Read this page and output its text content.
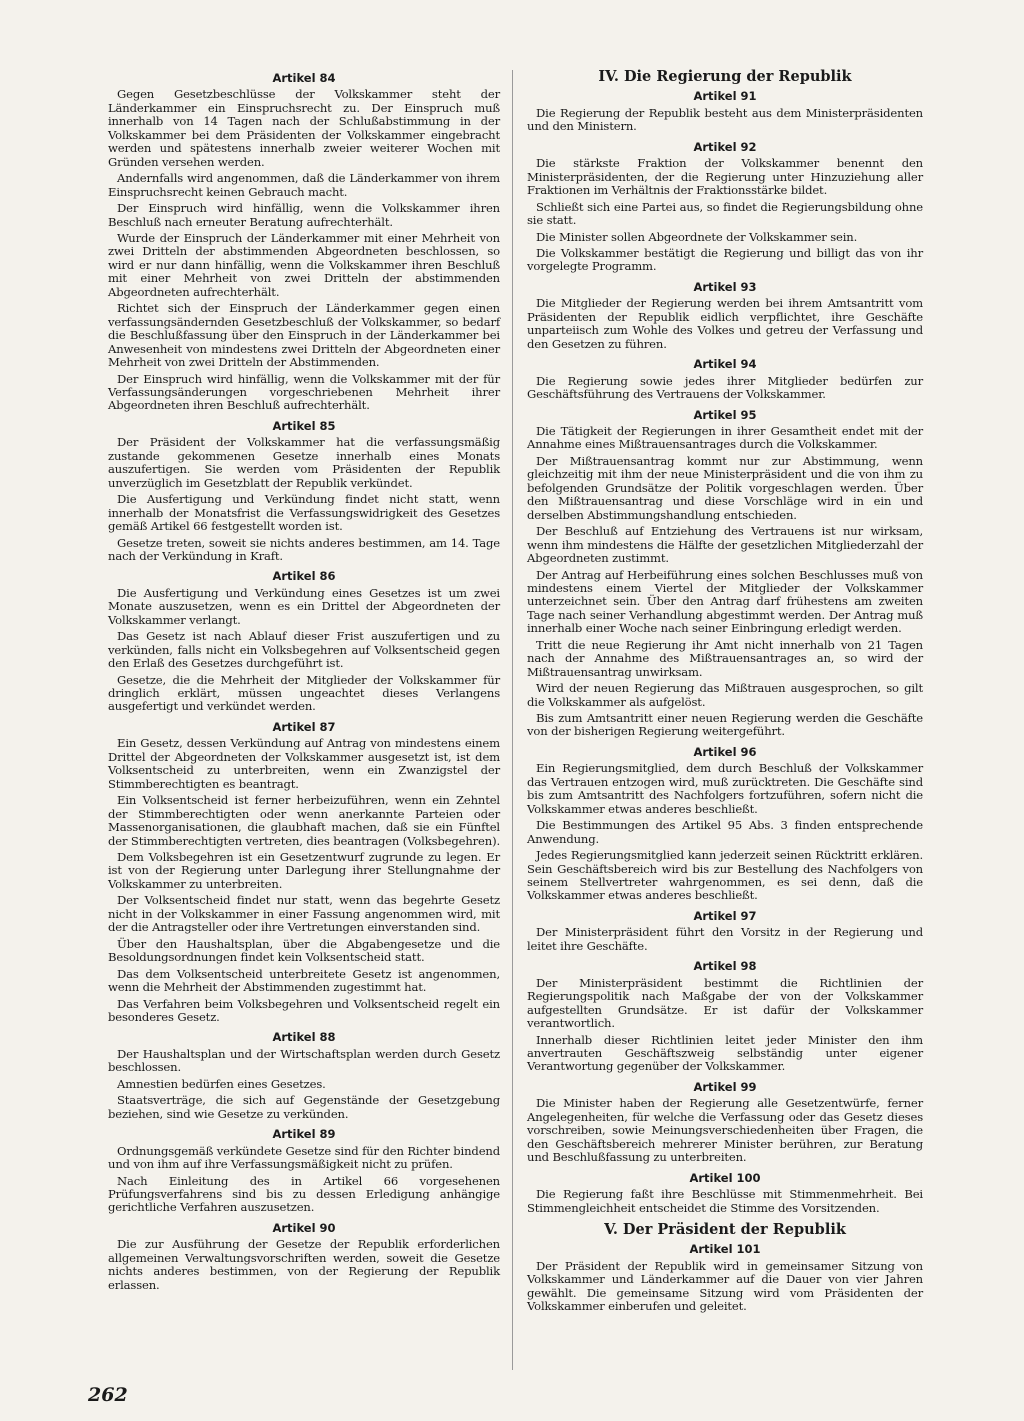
Artikel 84

Gegen Gesetzbeschlüsse der Volkskammer steht der Länderkammer ein Einspruchsrecht zu. Der Einspruch muß innerhalb von 14 Tagen nach der Schlußabstimmung in der Volkskammer bei dem Präsidenten der Volkskammer eingebracht werden und spätestens innerhalb zweier weiterer Wochen mit Gründen versehen werden.

Andernfalls wird angenommen, daß die Länderkammer von ihrem Einspruchsrecht keinen Gebrauch macht.

Der Einspruch wird hinfällig, wenn die Volkskammer ihren Beschluß nach erneuter Beratung aufrechterhält.

Wurde der Einspruch der Länderkammer mit einer Mehrheit von zwei Dritteln der abstimmenden Abgeordneten beschlossen, so wird er nur dann hinfällig, wenn die Volkskammer ihren Beschluß mit einer Mehrheit von zwei Dritteln der abstimmenden Abgeordneten aufrechterhält.

Richtet sich der Einspruch der Länderkammer gegen einen verfassungsändernden Gesetzbeschluß der Volkskammer, so bedarf die Beschlußfassung über den Einspruch in der Länderkammer bei Anwesenheit von mindestens zwei Dritteln der Abgeordneten einer Mehrheit von zwei Dritteln der Abstimmenden.

Der Einspruch wird hinfällig, wenn die Volkskammer mit der für Verfassungsänderungen vorgeschriebenen Mehrheit ihrer Abgeordneten ihren Beschluß aufrechterhält.

Artikel 85

Der Präsident der Volkskammer hat die verfassungsmäßig zustande gekommenen Gesetze innerhalb eines Monats auszufertigen. Sie werden vom Präsidenten der Republik unverzüglich im Gesetzblatt der Republik verkündet.

Die Ausfertigung und Verkündung findet nicht statt, wenn innerhalb der Monatsfrist die Verfassungswidrigkeit des Gesetzes gemäß Artikel 66 festgestellt worden ist.

Gesetze treten, soweit sie nichts anderes bestimmen, am 14. Tage nach der Verkündung in Kraft.

Artikel 86

Die Ausfertigung und Verkündung eines Gesetzes ist um zwei Monate auszusetzen, wenn es ein Drittel der Abgeordneten der Volkskammer verlangt.

Das Gesetz ist nach Ablauf dieser Frist auszufertigen und zu verkünden, falls nicht ein Volksbegehren auf Volksentscheid gegen den Erlaß des Gesetzes durchgeführt ist.

Gesetze, die die Mehrheit der Mitglieder der Volkskammer für dringlich erklärt, müssen ungeachtet dieses Verlangens ausgefertigt und verkündet werden.

Artikel 87

Ein Gesetz, dessen Verkündung auf Antrag von mindestens einem Drittel der Abgeordneten der Volkskammer ausgesetzt ist, ist dem Volksentscheid zu unterbreiten, wenn ein Zwanzigstel der Stimmberechtigten es beantragt.

Ein Volksentscheid ist ferner herbeizuführen, wenn ein Zehntel der Stimmberechtigten oder wenn anerkannte Parteien oder Massenorganisationen, die glaubhaft machen, daß sie ein Fünftel der Stimmberechtigten vertreten, dies beantragen (Volksbegehren).

Dem Volksbegehren ist ein Gesetzentwurf zugrunde zu legen. Er ist von der Regierung unter Darlegung ihrer Stellungnahme der Volkskammer zu unterbreiten.

Der Volksentscheid findet nur statt, wenn das begehrte Gesetz nicht in der Volkskammer in einer Fassung angenommen wird, mit der die Antragsteller oder ihre Vertretungen einverstanden sind.

Über den Haushaltsplan, über die Abgabengesetze und die Besoldungsordnungen findet kein Volksentscheid statt.

Das dem Volksentscheid unterbreitete Gesetz ist angenommen, wenn die Mehrheit der Abstimmenden zugestimmt hat.

Das Verfahren beim Volksbegehren und Volksentscheid regelt ein besonderes Gesetz.

Artikel 88

Der Haushaltsplan und der Wirtschaftsplan werden durch Gesetz beschlossen.

Amnestien bedürfen eines Gesetzes.

Staatsverträge, die sich auf Gegenstände der Gesetzgebung beziehen, sind wie Gesetze zu verkünden.

Artikel 89

Ordnungsgemäß verkündete Gesetze sind für den Richter bindend und von ihm auf ihre Verfassungsmäßigkeit nicht zu prüfen.

Nach Einleitung des in Artikel 66 vorgesehenen Prüfungsverfahrens sind bis zu dessen Erledigung anhängige gerichtliche Verfahren auszusetzen.

Artikel 90

Die zur Ausführung der Gesetze der Republik erforderlichen allgemeinen Verwaltungsvorschriften werden, soweit die Gesetze nichts anderes bestimmen, von der Regierung der Republik erlassen.

IV. Die Regierung der Republik
Artikel 91

Die Regierung der Republik besteht aus dem Ministerpräsidenten und den Ministern.

Artikel 92

Die stärkste Fraktion der Volkskammer benennt den Ministerpräsidenten, der die Regierung unter Hinzuziehung aller Fraktionen im Verhältnis der Fraktionsstärke bildet.

Schließt sich eine Partei aus, so findet die Regierungsbildung ohne sie statt.

Die Minister sollen Abgeordnete der Volkskammer sein.

Die Volkskammer bestätigt die Regierung und billigt das von ihr vorgelegte Programm.

Artikel 93

Die Mitglieder der Regierung werden bei ihrem Amtsantritt vom Präsidenten der Republik eidlich verpflichtet, ihre Geschäfte unparteiisch zum Wohle des Volkes und getreu der Verfassung und den Gesetzen zu führen.

Artikel 94

Die Regierung sowie jedes ihrer Mitglieder bedürfen zur Geschäftsführung des Vertrauens der Volkskammer.

Artikel 95

Die Tätigkeit der Regierungen in ihrer Gesamtheit endet mit der Annahme eines Mißtrauensantrages durch die Volkskammer.

Der Mißtrauensantrag kommt nur zur Abstimmung, wenn gleichzeitig mit ihm der neue Ministerpräsident und die von ihm zu befolgenden Grundsätze der Politik vorgeschlagen werden. Über den Mißtrauensantrag und diese Vorschläge wird in ein und derselben Abstimmungshandlung entschieden.

Der Beschluß auf Entziehung des Vertrauens ist nur wirksam, wenn ihm mindestens die Hälfte der gesetzlichen Mitgliederzahl der Abgeordneten zustimmt.

Der Antrag auf Herbeiführung eines solchen Beschlusses muß von mindestens einem Viertel der Mitglieder der Volkskammer unterzeichnet sein. Über den Antrag darf frühestens am zweiten Tage nach seiner Verhandlung abgestimmt werden. Der Antrag muß innerhalb einer Woche nach seiner Einbringung erledigt werden.

Tritt die neue Regierung ihr Amt nicht innerhalb von 21 Tagen nach der Annahme des Mißtrauensantrages an, so wird der Mißtrauensantrag unwirksam.

Wird der neuen Regierung das Mißtrauen ausgesprochen, so gilt die Volkskammer als aufgelöst.

Bis zum Amtsantritt einer neuen Regierung werden die Geschäfte von der bisherigen Regierung weitergeführt.

Artikel 96

Ein Regierungsmitglied, dem durch Beschluß der Volkskammer das Vertrauen entzogen wird, muß zurücktreten. Die Geschäfte sind bis zum Amtsantritt des Nachfolgers fortzuführen, sofern nicht die Volkskammer etwas anderes beschließt.

Die Bestimmungen des Artikel 95 Abs. 3 finden entsprechende Anwendung.

Jedes Regierungsmitglied kann jederzeit seinen Rücktritt erklären. Sein Geschäftsbereich wird bis zur Bestellung des Nachfolgers von seinem Stellvertreter wahrgenommen, es sei denn, daß die Volkskammer etwas anderes beschließt.

Artikel 97

Der Ministerpräsident führt den Vorsitz in der Regierung und leitet ihre Geschäfte.

Artikel 98

Der Ministerpräsident bestimmt die Richtlinien der Regierungspolitik nach Maßgabe der von der Volkskammer aufgestellten Grundsätze. Er ist dafür der Volkskammer verantwortlich.

Innerhalb dieser Richtlinien leitet jeder Minister den ihm anvertrauten Geschäftszweig selbständig unter eigener Verantwortung gegenüber der Volkskammer.

Artikel 99

Die Minister haben der Regierung alle Gesetzentwürfe, ferner Angelegenheiten, für welche die Verfassung oder das Gesetz dieses vorschreiben, sowie Meinungsverschiedenheiten über Fragen, die den Geschäftsbereich mehrerer Minister berühren, zur Beratung und Beschlußfassung zu unterbreiten.

Artikel 100

Die Regierung faßt ihre Beschlüsse mit Stimmenmehrheit. Bei Stimmengleichheit entscheidet die Stimme des Vorsitzenden.

V. Der Präsident der Republik
Artikel 101

Der Präsident der Republik wird in gemeinsamer Sitzung von Volkskammer und Länderkammer auf die Dauer von vier Jahren gewählt. Die gemeinsame Sitzung wird vom Präsidenten der Volkskammer einberufen und geleitet.

262
